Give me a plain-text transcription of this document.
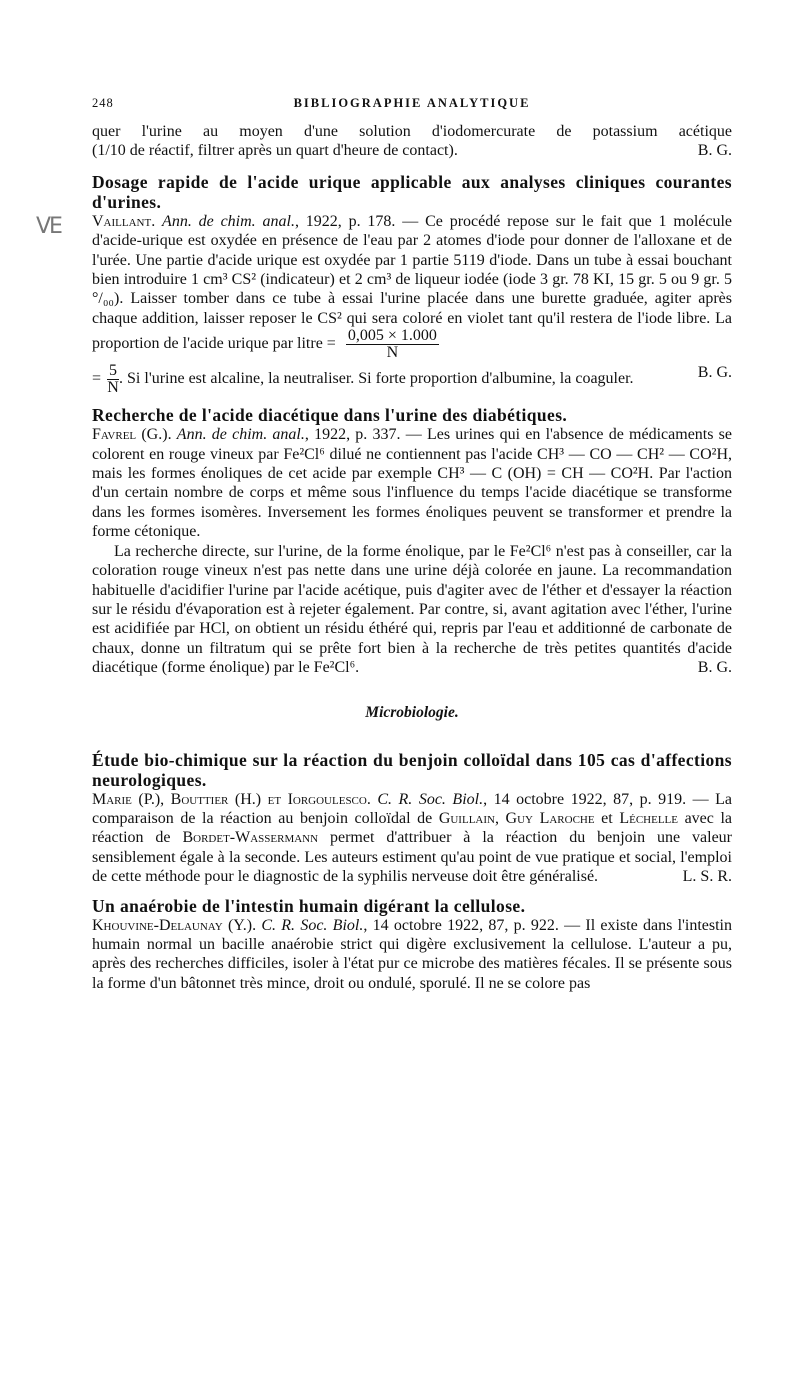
VE
248	BIBLIOGRAPHIE ANALYTIQUE

quer l'urine au moyen d'une solution d'iodomercurate de potassium acétique

B. G.
(1/10 de réactif, filtrer après un quart d'heure de contact).

Dosage rapide de l'acide urique applicable aux analyses cliniques courantes d'urines.

Vaillant. Ann. de chim. anal., 1922, p. 178. — Ce procédé repose sur le fait que 1 molécule d'acide-urique est oxydée en présence de l'eau par 2 atomes d'iode pour donner de l'alloxane et de l'urée. Une partie d'acide urique est oxydée par 1 partie 5119 d'iode. Dans un tube à essai bouchant bien introduire 1 cm³ CS² (indicateur) et 2 cm³ de liqueur iodée (iode 3 gr. 78 KI, 15 gr. 5 ou 9 gr. 5 °/₀₀). Laisser tomber dans ce tube à essai l'urine placée dans une burette graduée, agiter après chaque addition, laisser reposer le CS² qui sera coloré en violet tant qu'il restera de l'iode libre. La proportion de l'acide urique par litre = $\frac{0,005 \times 1.000}{N}$

= $\frac{5}{N}$ . Si l'urine est alcaline, la neutraliser. Si forte proportion d'albumine, la coaguler.	B. G.

Recherche de l'acide diacétique dans l'urine des diabétiques.

Favrel (G.). Ann. de chim. anal., 1922, p. 337. — Les urines qui en l'absence de médicaments se colorent en rouge vineux par Fe²Cl⁶ dilué ne contiennent pas l'acide CH³ — CO — CH² — CO²H, mais les formes énoliques de cet acide par exemple CH³ — C (OH) = CH — CO²H. Par l'action d'un certain nombre de corps et même sous l'influence du temps l'acide diacétique se transforme dans les formes isomères. Inversement les formes énoliques peuvent se transformer et prendre la forme cétonique.

La recherche directe, sur l'urine, de la forme énolique, par le Fe²Cl⁶ n'est pas à conseiller, car la coloration rouge vineux n'est pas nette dans une urine déjà colorée en jaune. La recommandation habituelle d'acidifier l'urine par l'acide acétique, puis d'agiter avec de l'éther et d'essayer la réaction sur le résidu d'évaporation est à rejeter également. Par contre, si, avant agitation avec l'éther, l'urine est acidifiée par HCl, on obtient un résidu éthéré qui, repris par l'eau et additionné de carbonate de chaux, donne un filtratum qui se prête fort bien à la recherche de très petites quantités d'acide diacétique (forme énolique) par le Fe²Cl⁶.	B. G.

Microbiologie.
Étude bio-chimique sur la réaction du benjoin colloïdal dans 105 cas d'affections neurologiques.

Marie (P.), Bouttier (H.) et Iorgoulesco. C. R. Soc. Biol., 14 octobre 1922, 87, p. 919. — La comparaison de la réaction au benjoin colloïdal de Guillain, Guy Laroche et Léchelle avec la réaction de Bordet-Wassermann permet d'attribuer à la réaction du benjoin une valeur sensiblement égale à la seconde. Les auteurs estiment qu'au point de vue pratique et social, l'emploi de cette méthode pour le diagnostic de la syphilis nerveuse doit être généralisé.	L. S. R.

Un anaérobie de l'intestin humain digérant la cellulose.

Khouvine-Delaunay (Y.). C. R. Soc. Biol., 14 octobre 1922, 87, p. 922. — Il existe dans l'intestin humain normal un bacille anaérobie strict qui digère exclusivement la cellulose. L'auteur a pu, après des recherches difficiles, isoler à l'état pur ce microbe des matières fécales. Il se présente sous la forme d'un bâtonnet très mince, droit ou ondulé, sporulé. Il ne se colore pas
